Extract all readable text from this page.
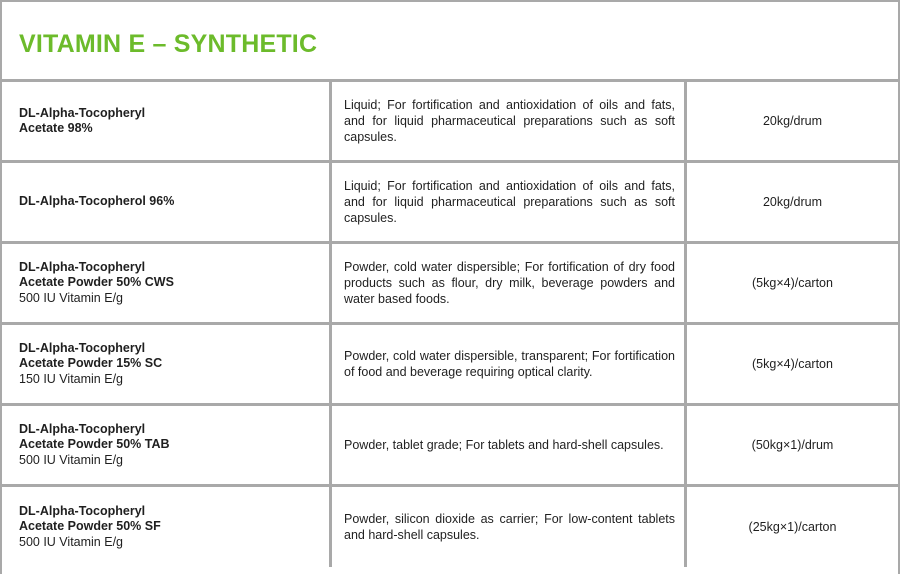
VITAMIN E – SYNTHETIC
DL-Alpha-Tocopheryl
Acetate 98%
Liquid; For fortification and antioxidation of oils and fats, and for liquid pharmaceutical preparations such as soft capsules.
20kg/drum
DL-Alpha-Tocopherol 96%
Liquid; For fortification and antioxidation of oils and fats, and for liquid pharmaceutical preparations such as soft capsules.
20kg/drum
DL-Alpha-Tocopheryl
Acetate Powder 50% CWS
500 IU Vitamin E/g
Powder, cold water dispersible; For fortification of dry food products such as flour, dry milk, beverage powders and water based foods.
(5kg×4)/carton
DL-Alpha-Tocopheryl
Acetate Powder 15% SC
150 IU Vitamin E/g
Powder, cold water dispersible, transparent; For fortification of food and beverage requiring optical clarity.
(5kg×4)/carton
DL-Alpha-Tocopheryl
Acetate Powder 50% TAB
500 IU Vitamin E/g
Powder, tablet grade; For tablets and hard-shell capsules.	(50kg×1)/drum
DL-Alpha-Tocopheryl
Acetate Powder 50% SF
500 IU Vitamin E/g
Powder, silicon dioxide as carrier; For low-content tablets and hard-shell capsules.
(25kg×1)/carton
